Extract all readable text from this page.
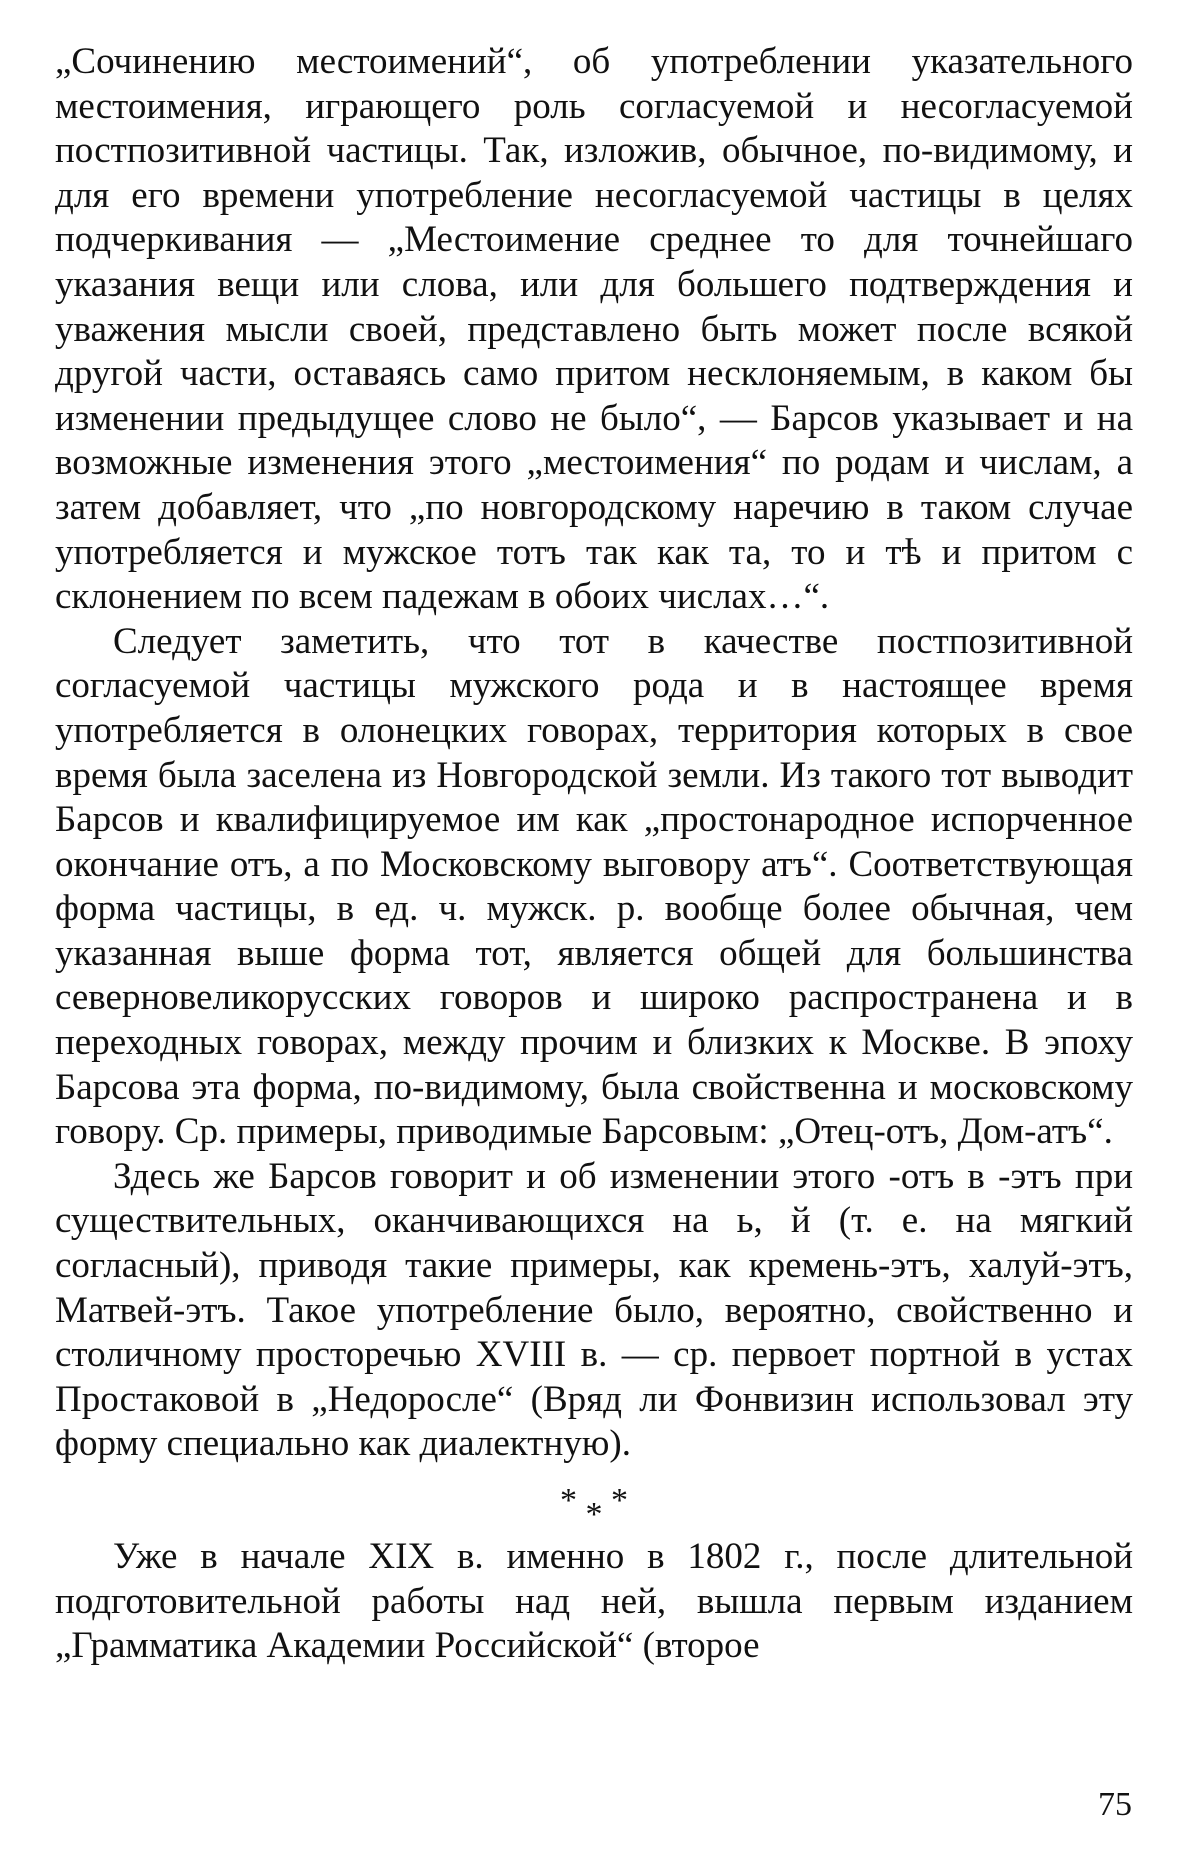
„Сочинению местоимений“, об употреблении указательного местоимения, играющего роль согласуемой и несогласуемой постпозитивной частицы. Так, изложив, обычное, по-видимому, и для его времени употребление несогласуемой частицы в целях подчеркивания — „Местоимение среднее то для точнейшаго указания вещи или слова, или для большего подтверждения и уважения мысли своей, представлено быть может после всякой другой части, оставаясь само притом несклоняемым, в каком бы изменении предыдущее слово не было“, — Барсов указывает и на возможные изменения этого „местоимения“ по родам и числам, а затем добавляет, что „по новгородскому наречию в таком случае употребляется и мужское тотъ так как та, то и тѣ и притом с склонением по всем падежам в обоих числах…“.

Следует заметить, что тот в качестве постпозитивной согласуемой частицы мужского рода и в настоящее время употребляется в олонецких говорах, территория которых в свое время была заселена из Новгородской земли. Из такого тот выводит Барсов и квалифицируемое им как „простонародное испорченное окончание отъ, а по Московскому выговору атъ“. Соответствующая форма частицы, в ед. ч. мужск. р. вообще более обычная, чем указанная выше форма тот, является общей для большинства северновеликорусских говоров и широко распространена и в переходных говорах, между прочим и близких к Москве. В эпоху Барсова эта форма, по-видимому, была свойственна и московскому говору. Ср. примеры, приводимые Барсовым: „Отец-отъ, Дом-атъ“.

Здесь же Барсов говорит и об изменении этого -отъ в -этъ при существительных, оканчивающихся на ь, й (т. е. на мягкий согласный), приводя такие примеры, как кремень-этъ, халуй-этъ, Матвей-этъ. Такое употребление было, вероятно, свойственно и столичному просторечью XVIII в. — ср. первоет портной в устах Простаковой в „Недоросле“ (Вряд ли Фонвизин использовал эту форму специально как диалектную).

* * *

Уже в начале XIX в. именно в 1802 г., после длительной подготовительной работы над ней, вышла первым изданием „Грамматика Академии Российской“ (второе

75
